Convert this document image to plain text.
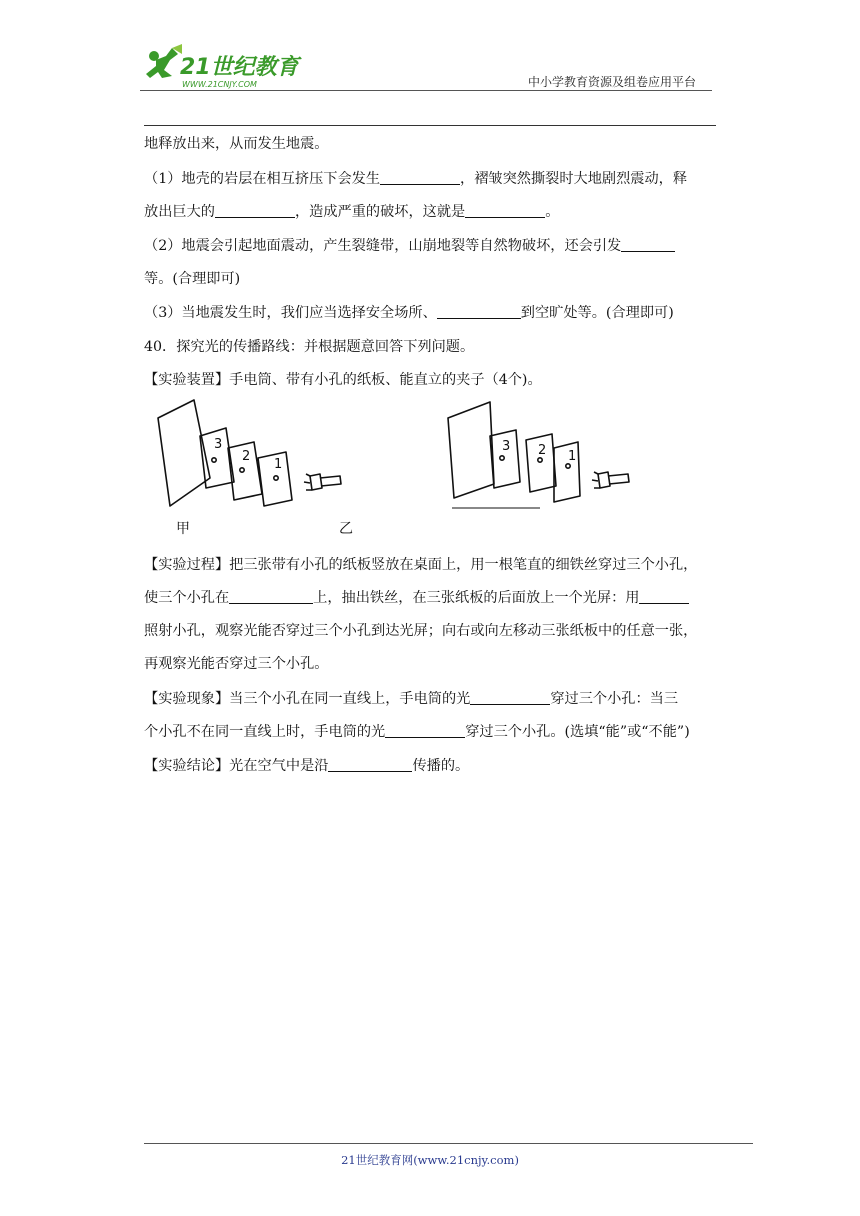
21世纪教育
WWW.21CNJY.COM	中小学教育资源及组卷应用平台
地释放出来，从而发生地震。
（1）地壳的岩层在相互挤压下会发生	，褶皱突然撕裂时大地剧烈震动，释
放出巨大的	，造成严重的破坏，这就是	。
（2）地震会引起地面震动，产生裂缝带，山崩地裂等自然物破坏，还会引发
等。(合理即可)
（3）当地震发生时，我们应当选择安全场所、	到空旷处等。(合理即可)
40．探究光的传播路线：并根据题意回答下列问题。
【实验装置】手电筒、带有小孔的纸板、能直立的夹子（4个)。
3
2
1
3 2 1
甲	乙
【实验过程】把三张带有小孔的纸板竖放在桌面上，用一根笔直的细铁丝穿过三个小孔，
使三个小孔在	上，抽出铁丝，在三张纸板的后面放上一个光屏：用
照射小孔，观察光能否穿过三个小孔到达光屏；向右或向左移动三张纸板中的任意一张，
再观察光能否穿过三个小孔。
【实验现象】当三个小孔在同一直线上，手电筒的光	穿过三个小孔：当三
个小孔不在同一直线上时，手电筒的光	穿过三个小孔。(选填“能”或“不能”)
【实验结论】光在空气中是沿	传播的。
21世纪教育网(www.21cnjy.com)
